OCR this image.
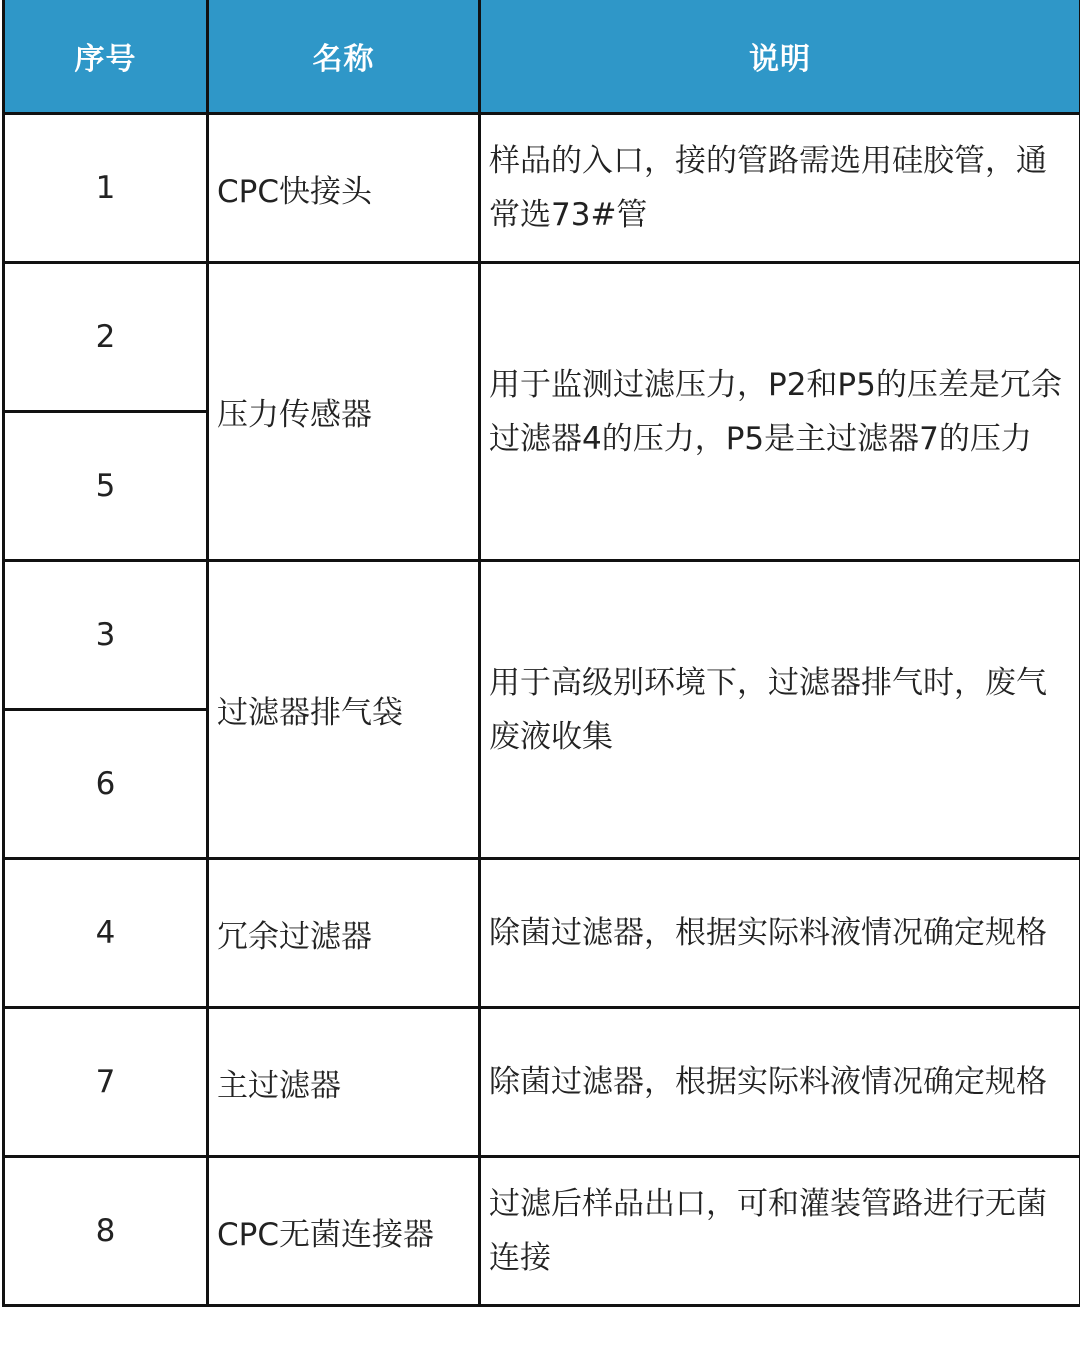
序号	名称	说明
1	CPC快接头	样品的入口，接的管路需选用硅胶管，通常选73#管
2	压力传感器	用于监测过滤压力，P2和P5的压差是冗余过滤器4的压力，P5是主过滤器7的压力
5		
3	过滤器排气袋	用于高级别环境下，过滤器排气时，废气废液收集
6		
4	冗余过滤器	除菌过滤器，根据实际料液情况确定规格
7	主过滤器	除菌过滤器，根据实际料液情况确定规格
8	CPC无菌连接器	过滤后样品出口，可和灌装管路进行无菌连接
